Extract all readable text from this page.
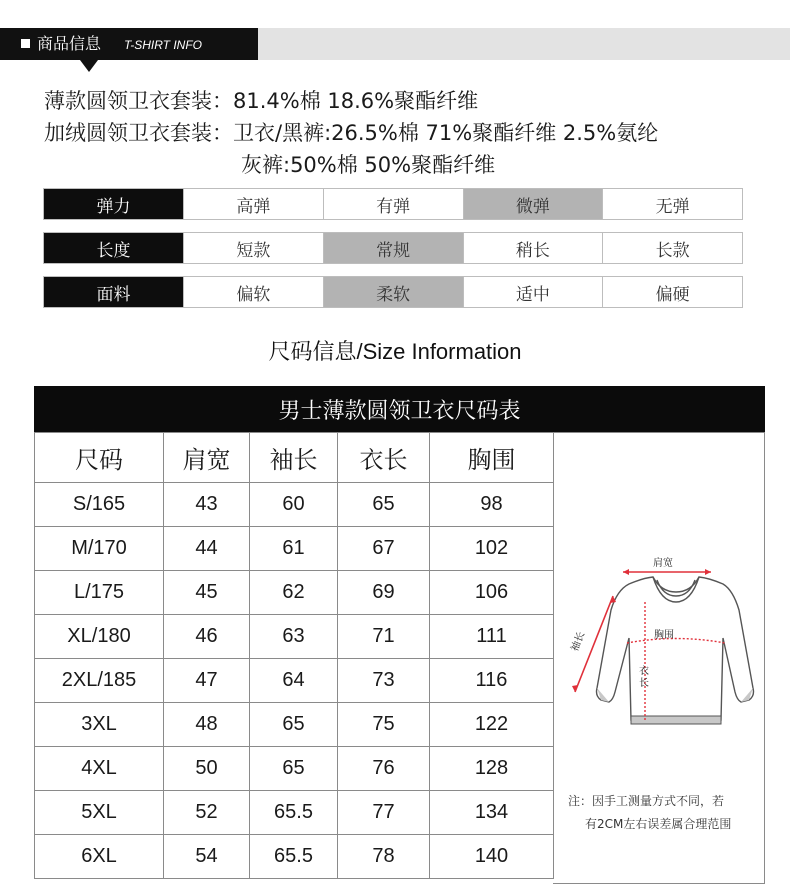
商品信息 T-SHIRT INFO
薄款圆领卫衣套装：81.4%棉 18.6%聚酯纤维
加绒圆领卫衣套装：卫衣/黑裤:26.5%棉 71%聚酯纤维 2.5%氨纶
灰裤:50%棉 50%聚酯纤维
弹力	高弹	有弹	微弹	无弹
长度	短款	常规	稍长	长款
面料	偏软	柔软	适中	偏硬
尺码信息/Size Information
男士薄款圆领卫衣尺码表
尺码	肩宽	袖长	衣长	胸围
S/165	43	60	65	98
M/170	44	61	67	102
L/175	45	62	69	106
XL/180	46	63	71	111
2XL/185	47	64	73	116
3XL	48	65	75	122
4XL	50	65	76	128
5XL	52	65.5	77	134
6XL	54	65.5	78	140
肩宽
胸围
袖长
衣
长
注：因手工测量方式不同，若
有2CM左右误差属合理范围
